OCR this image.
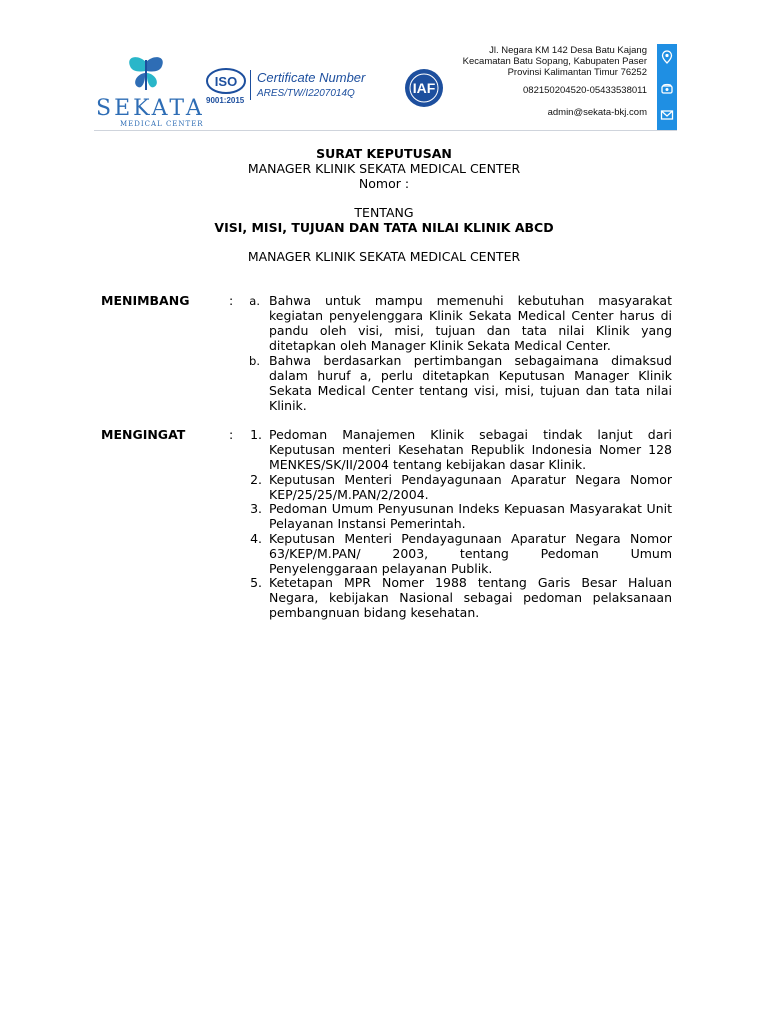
SEKATA
MEDICAL CENTER
ISO
9001:2015
Certificate Number
ARES/TW/I2207014Q	IAF
Jl. Negara KM 142 Desa Batu Kajang
Kecamatan Batu Sopang, Kabupaten Paser
Provinsi Kalimantan Timur 76252
082150204520-05433538011
admin@sekata-bkj.com
SURAT KEPUTUSAN
MANAGER KLINIK SEKATA MEDICAL CENTER
Nomor :
TENTANG
VISI, MISI, TUJUAN DAN TATA NILAI KLINIK ABCD
MANAGER KLINIK SEKATA MEDICAL CENTER
MENIMBANG	:	a. Bahwa untuk mampu memenuhi kebutuhan masyarakat kegiatan penyelenggara Klinik Sekata Medical Center harus di pandu oleh visi, misi, tujuan dan tata nilai Klinik yang ditetapkan oleh Manager Klinik Sekata Medical Center.
b. Bahwa berdasarkan pertimbangan sebagaimana dimaksud dalam huruf a, perlu ditetapkan Keputusan Manager Klinik Sekata Medical Center tentang visi, misi, tujuan dan tata nilai Klinik.
MENGINGAT	:	1. Pedoman Manajemen Klinik sebagai tindak lanjut dari Keputusan menteri Kesehatan Republik Indonesia Nomer 128 MENKES/SK/II/2004 tentang kebijakan dasar Klinik.
2. Keputusan Menteri Pendayagunaan Aparatur Negara Nomor KEP/25/25/M.PAN/2/2004.
3. Pedoman Umum Penyusunan Indeks Kepuasan Masyarakat Unit Pelayanan Instansi Pemerintah.
4. Keputusan Menteri Pendayagunaan Aparatur Negara Nomor 63/KEP/M.PAN/ 2003, tentang Pedoman Umum Penyelenggaraan pelayanan Publik.
5. Ketetapan MPR Nomer 1988 tentang Garis Besar Haluan Negara, kebijakan Nasional sebagai pedoman pelaksanaan pembangnuan bidang kesehatan.
